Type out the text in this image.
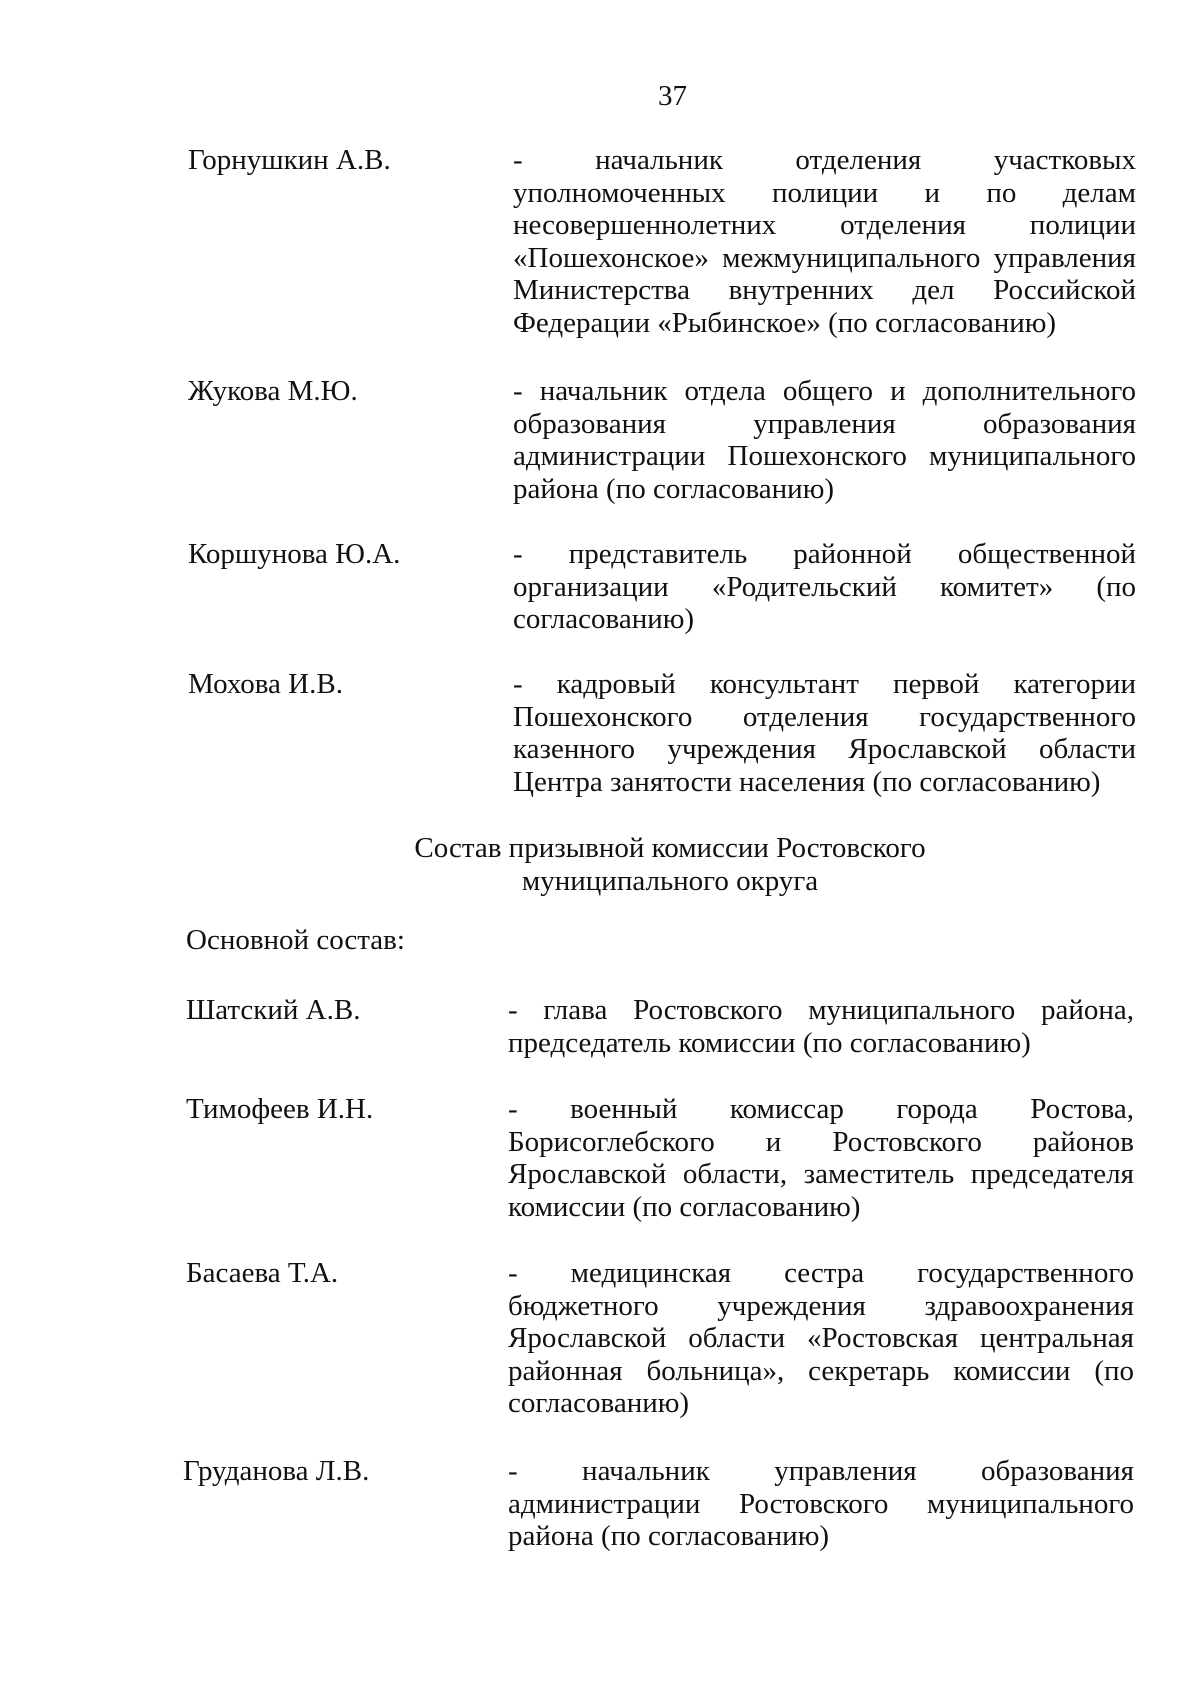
37
Горнушкин А.В.	- начальник отделения участковых уполномоченных полиции и по делам несовершеннолетних отделения полиции «Пошехонское» межмуниципального управления Министерства внутренних дел Российской Федерации «Рыбинское» (по согласованию)
Жукова М.Ю.	- начальник отдела общего и дополнительного образования управления образования администрации Пошехонского муниципального района (по согласованию)
Коршунова Ю.А.	- представитель районной общественной организации «Родительский комитет» (по согласованию)
Мохова И.В.	- кадровый консультант первой категории Пошехонского отделения государственного казенного учреждения Ярославской области Центра занятости населения (по согласованию)
Состав призывной комиссии Ростовского
муниципального округа
Основной состав:
Шатский А.В.	- глава Ростовского муниципального района, председатель комиссии (по согласованию)
Тимофеев И.Н.	- военный комиссар города Ростова, Борисоглебского и Ростовского районов Ярославской области, заместитель председателя комиссии (по согласованию)
Басаева Т.А.	- медицинская сестра государственного бюджетного учреждения здравоохранения Ярославской области «Ростовская центральная районная больница», секретарь комиссии (по согласованию)
Груданова Л.В.	- начальник управления образования администрации Ростовского муниципального района (по согласованию)
